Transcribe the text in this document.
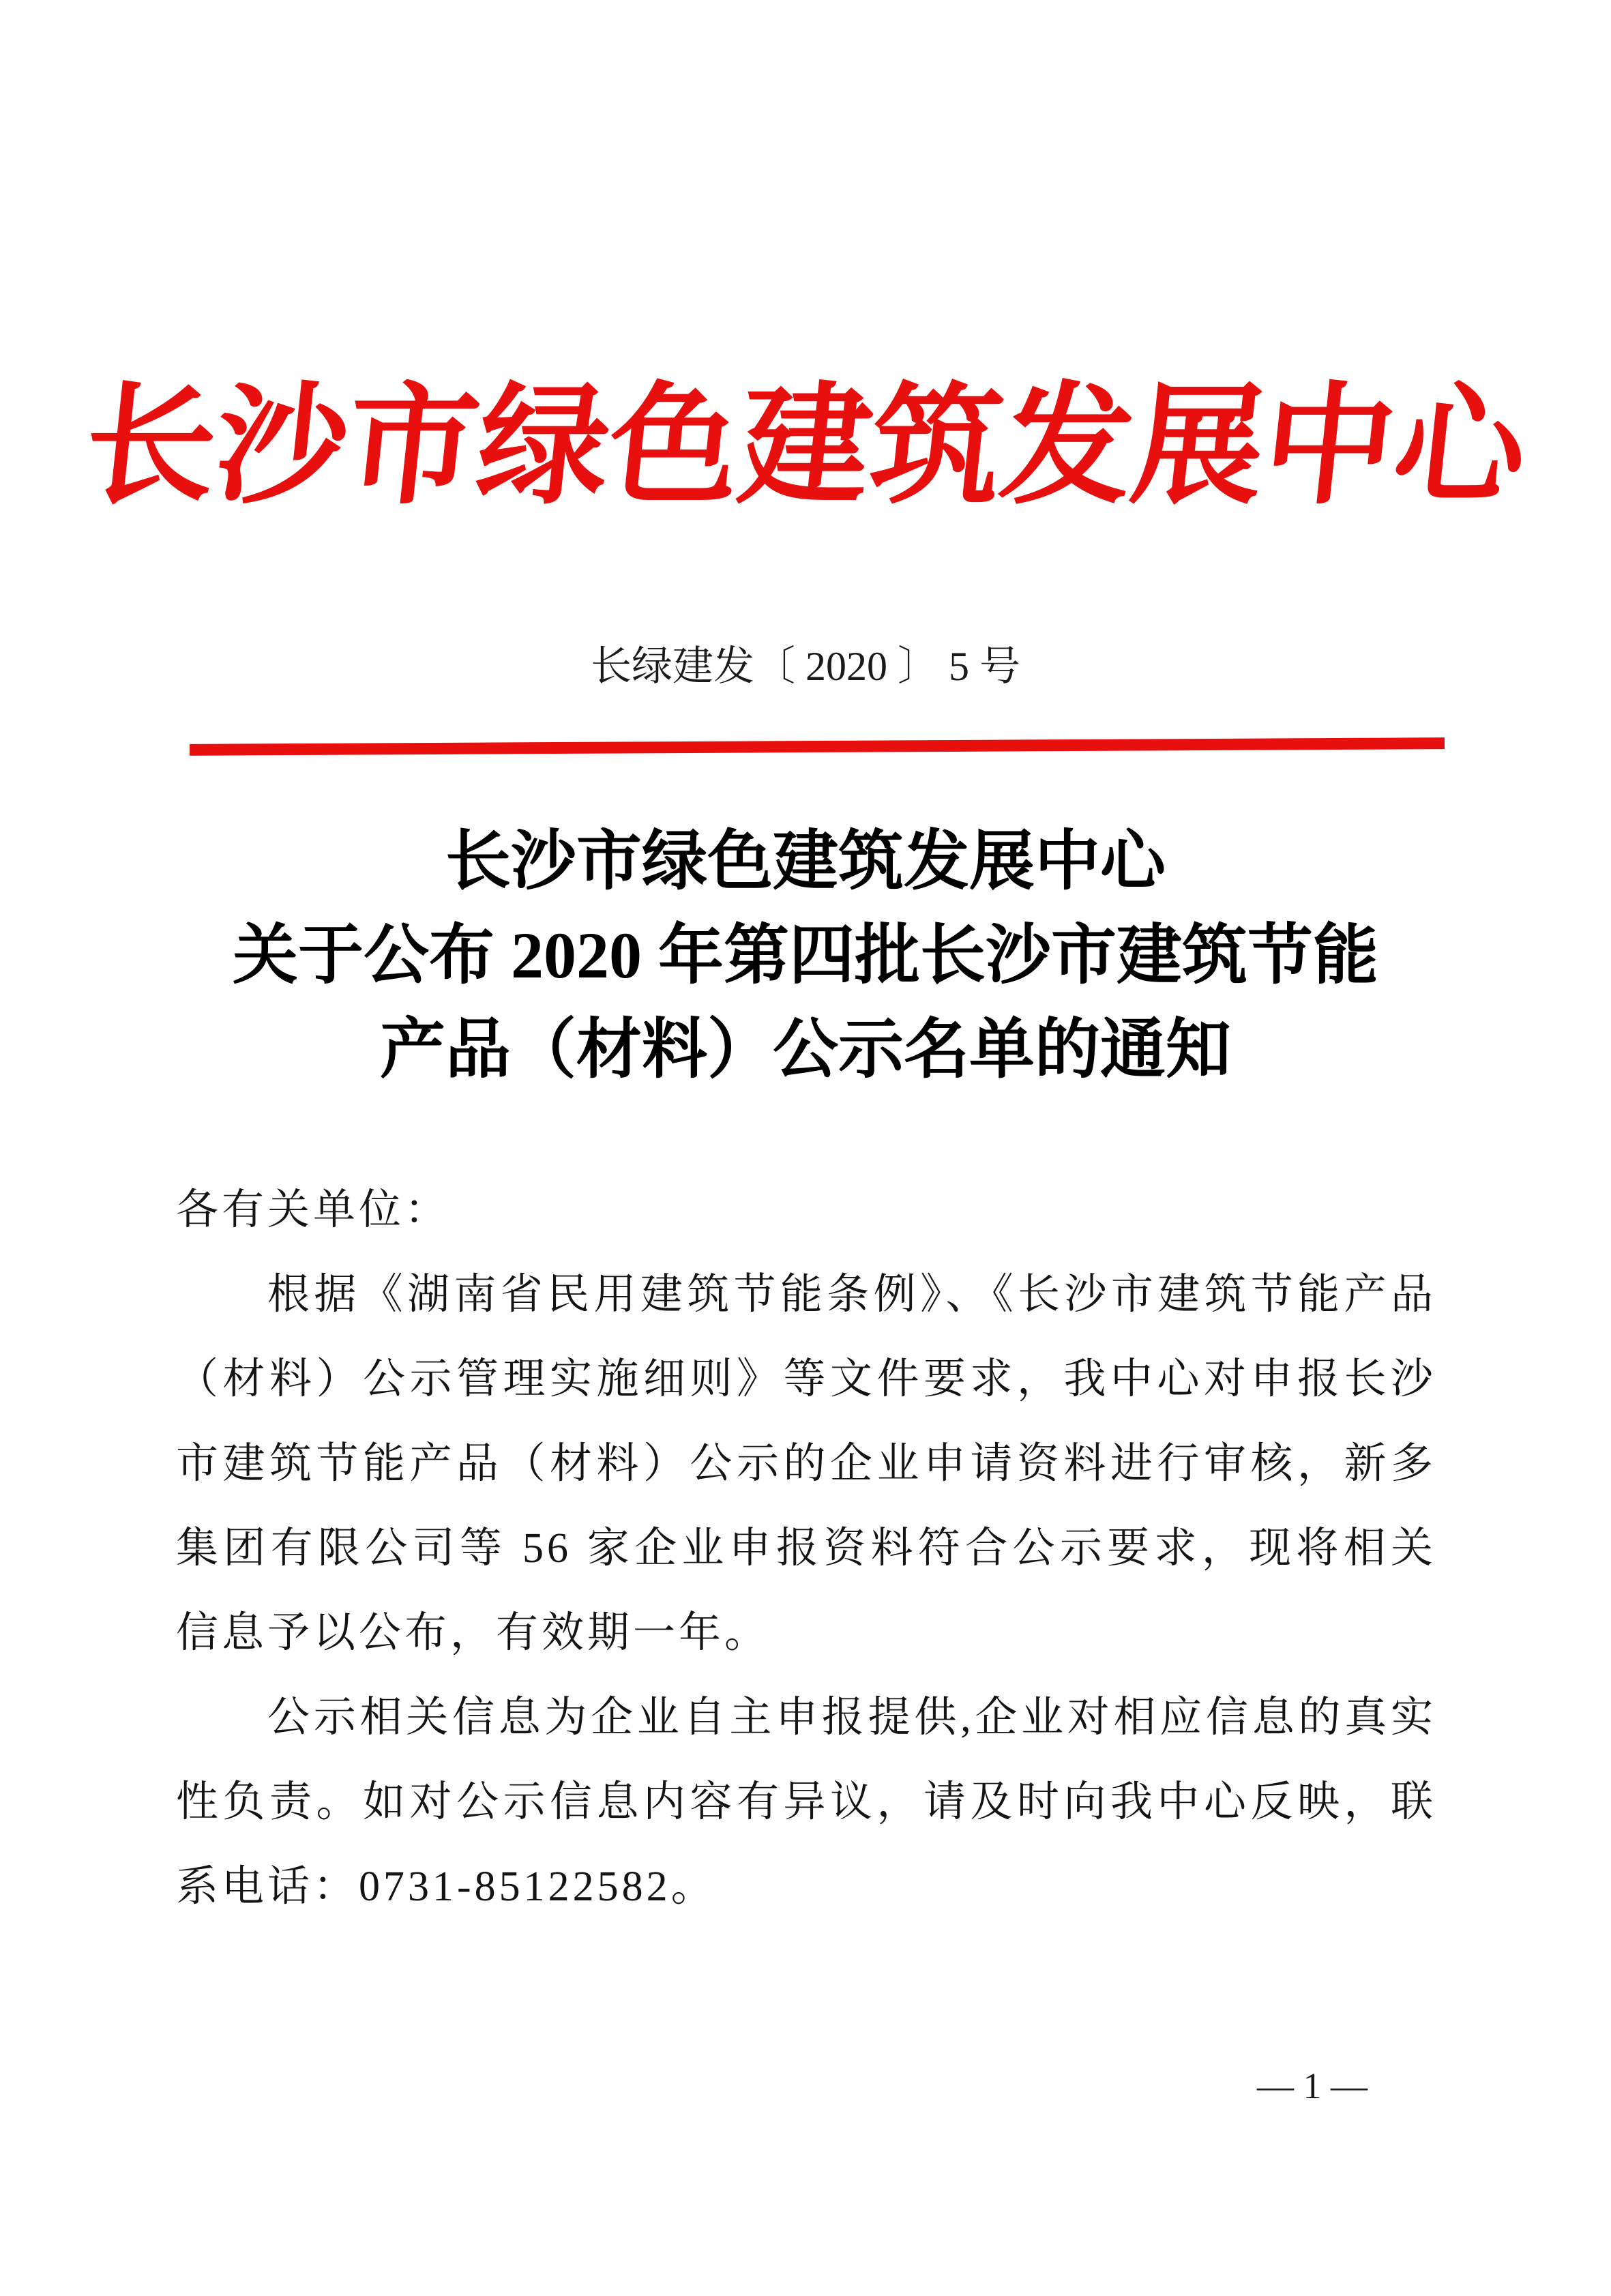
长沙市绿色建筑发展中心
长绿建发〔 2020 〕 5 号
长沙市绿色建筑发展中心
关于公布 2020 年第四批长沙市建筑节能
产品（材料）公示名单的通知
各有关单位：

根据《湖南省民用建筑节能条例》、《长沙市建筑节能产品（材料）公示管理实施细则》等文件要求，我中心对申报长沙市建筑节能产品（材料）公示的企业申请资料进行审核，新多集团有限公司等 56 家企业申报资料符合公示要求，现将相关信息予以公布，有效期一年。

公示相关信息为企业自主申报提供,企业对相应信息的真实性负责。如对公示信息内容有异议，请及时向我中心反映，联系电话：0731-85122582。

— 1 —
